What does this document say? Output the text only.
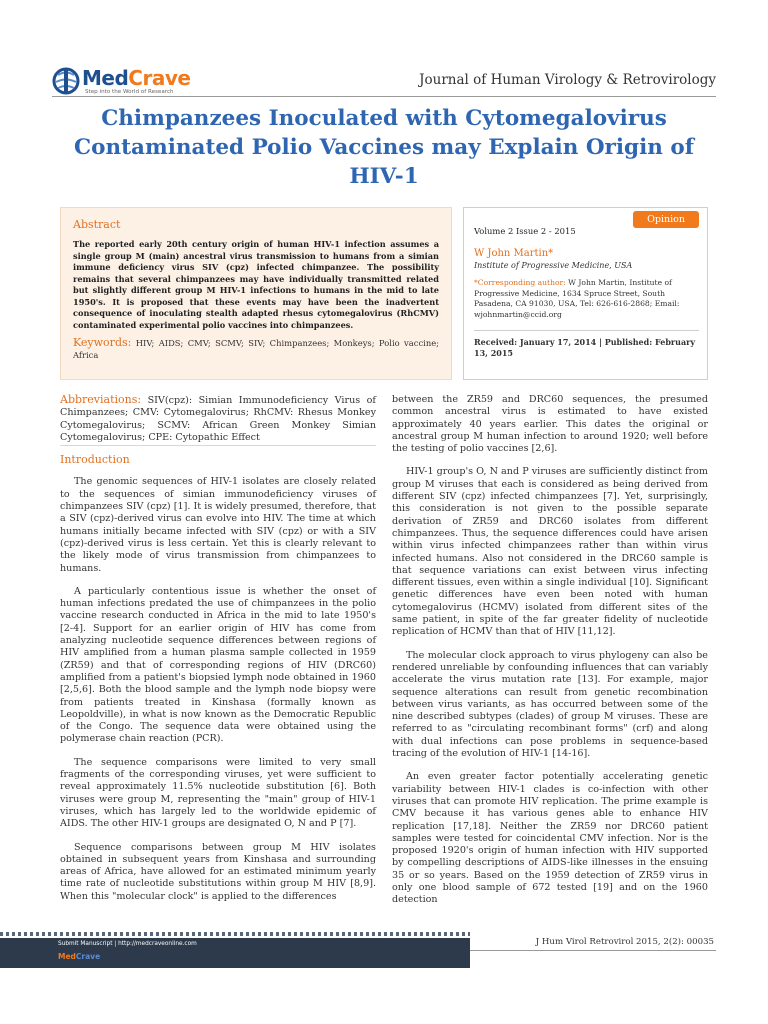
MedCrave
Step into the World of Research
Journal of Human Virology & Retrovirology
Chimpanzees Inoculated with Cytomegalovirus Contaminated Polio Vaccines may Explain Origin of HIV-1
Abstract
The reported early 20th century origin of human HIV-1 infection assumes a single group M (main) ancestral virus transmission to humans from a simian immune deficiency virus SIV (cpz) infected chimpanzee. The possibility remains that several chimpanzees may have individually transmitted related but slightly different group M HIV-1 infections to humans in the mid to late 1950's. It is proposed that these events may have been the inadvertent consequence of inoculating stealth adapted rhesus cytomegalovirus (RhCMV) contaminated experimental polio vaccines into chimpanzees.
Keywords: HIV; AIDS; CMV; SCMV; SIV; Chimpanzees; Monkeys; Polio vaccine; Africa
Opinion
Volume 2 Issue 2 - 2015
W John Martin*
Institute of Progressive Medicine, USA
*Corresponding author: W John Martin, Institute of Progressive Medicine, 1634 Spruce Street, South Pasadena, CA 91030, USA, Tel: 626-616-2868; Email: wjohnmartin@ccid.org
Received: January 17, 2014 | Published: February 13, 2015
Abbreviations: SIV(cpz): Simian Immunodeficiency Virus of Chimpanzees; CMV: Cytomegalovirus; RhCMV: Rhesus Monkey Cytomegalovirus; SCMV: African Green Monkey Simian Cytomegalovirus; CPE: Cytopathic Effect
Introduction

The genomic sequences of HIV-1 isolates are closely related to the sequences of simian immunodeficiency viruses of chimpanzees SIV (cpz) [1]. It is widely presumed, therefore, that a SIV (cpz)-derived virus can evolve into HIV. The time at which humans initially became infected with SIV (cpz) or with a SIV (cpz)-derived virus is less certain. Yet this is clearly relevant to the likely mode of virus transmission from chimpanzees to humans.

A particularly contentious issue is whether the onset of human infections predated the use of chimpanzees in the polio vaccine research conducted in Africa in the mid to late 1950's [2-4]. Support for an earlier origin of HIV has come from analyzing nucleotide sequence differences between regions of HIV amplified from a human plasma sample collected in 1959 (ZR59) and that of corresponding regions of HIV (DRC60) amplified from a patient's biopsied lymph node obtained in 1960 [2,5,6]. Both the blood sample and the lymph node biopsy were from patients treated in Kinshasa (formally known as Leopoldville), in what is now known as the Democratic Republic of the Congo. The sequence data were obtained using the polymerase chain reaction (PCR).

The sequence comparisons were limited to very small fragments of the corresponding viruses, yet were sufficient to reveal approximately 11.5% nucleotide substitution [6]. Both viruses were group M, representing the "main" group of HIV-1 viruses, which has largely led to the worldwide epidemic of AIDS. The other HIV-1 groups are designated O, N and P [7].

Sequence comparisons between group M HIV isolates obtained in subsequent years from Kinshasa and surrounding areas of Africa, have allowed for an estimated minimum yearly time rate of nucleotide substitutions within group M HIV [8,9]. When this "molecular clock" is applied to the differences

between the ZR59 and DRC60 sequences, the presumed common ancestral virus is estimated to have existed approximately 40 years earlier. This dates the original or ancestral group M human infection to around 1920; well before the testing of polio vaccines [2,6].

HIV-1 group's O, N and P viruses are sufficiently distinct from group M viruses that each is considered as being derived from different SIV (cpz) infected chimpanzees [7]. Yet, surprisingly, this consideration is not given to the possible separate derivation of ZR59 and DRC60 isolates from different chimpanzees. Thus, the sequence differences could have arisen within virus infected chimpanzees rather than within virus infected humans. Also not considered in the DRC60 sample is that sequence variations can exist between virus infecting different tissues, even within a single individual [10]. Significant genetic differences have even been noted with human cytomegalovirus (HCMV) isolated from different sites of the same patient, in spite of the far greater fidelity of nucleotide replication of HCMV than that of HIV [11,12].

The molecular clock approach to virus phylogeny can also be rendered unreliable by confounding influences that can variably accelerate the virus mutation rate [13]. For example, major sequence alterations can result from genetic recombination between virus variants, as has occurred between some of the nine described subtypes (clades) of group M viruses. These are referred to as "circulating recombinant forms" (crf) and along with dual infections can pose problems in sequence-based tracing of the evolution of HIV-1 [14-16].

An even greater factor potentially accelerating genetic variability between HIV-1 clades is co-infection with other viruses that can promote HIV replication. The prime example is CMV because it has various genes able to enhance HIV replication [17,18]. Neither the ZR59 nor DRC60 patient samples were tested for coincidental CMV infection. Nor is the proposed 1920's origin of human infection with HIV supported by compelling descriptions of AIDS-like illnesses in the ensuing 35 or so years. Based on the 1959 detection of ZR59 virus in only one blood sample of 672 tested [19] and on the 1960 detection

Submit Manuscript | http://medcraveonline.com
MedCrave
J Hum Virol Retrovirol 2015, 2(2): 00035
